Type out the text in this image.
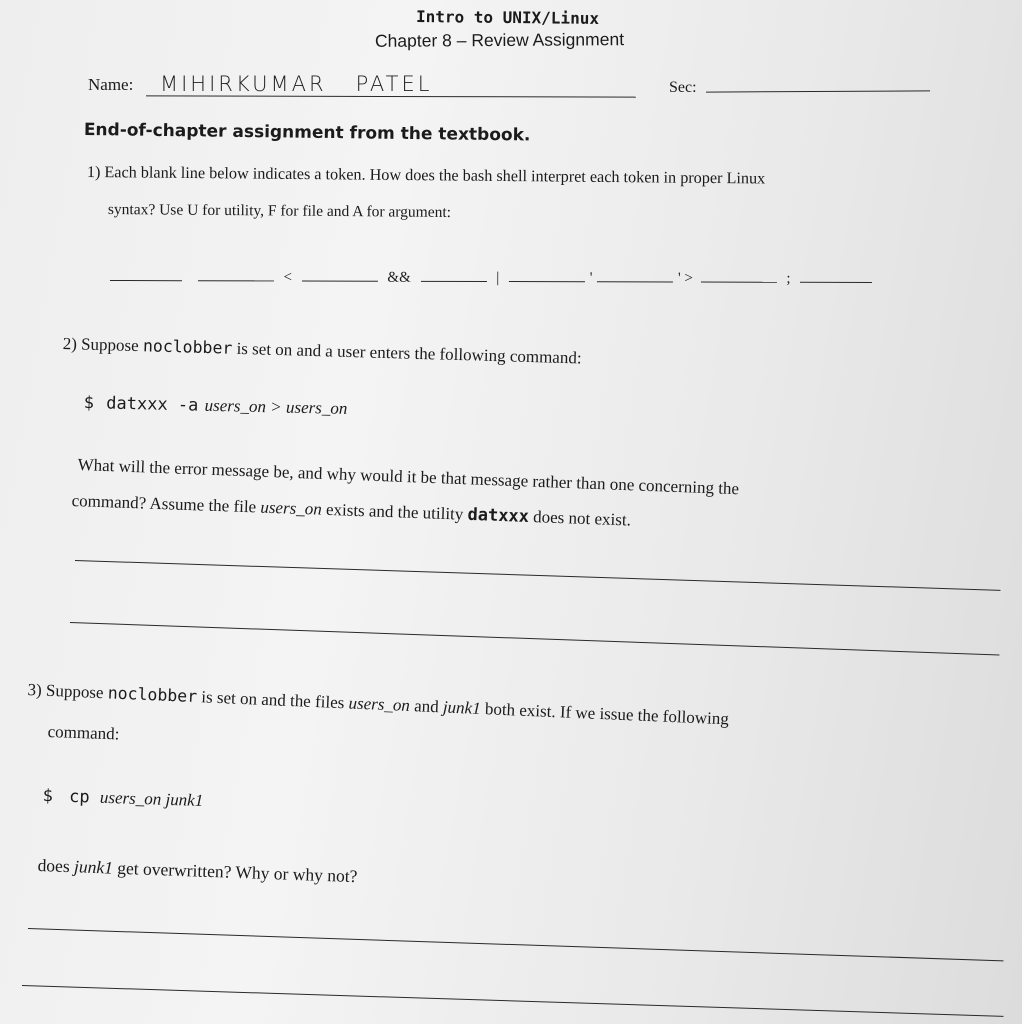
Intro to UNIX/Linux
Chapter 8 – Review Assignment
Name: MIHIRKUMAR   PATEL	Sec:
End-of-chapter assignment from the textbook.
1) Each blank line below indicates a token. How does the bash shell interpret each token in proper Linux
syntax? Use U for utility, F for file and A for argument:
<	&&	|	'	' >	;
2) Suppose noclobber is set on and a user enters the following command:
$ datxxx -a users_on > users_on
What will the error message be, and why would it be that message rather than one concerning the
command? Assume the file users_on exists and the utility datxxx does not exist.
3) Suppose noclobber is set on and the files users_on and junk1 both exist. If we issue the following
command:
$ cp users_on junk1
does junk1 get overwritten? Why or why not?
